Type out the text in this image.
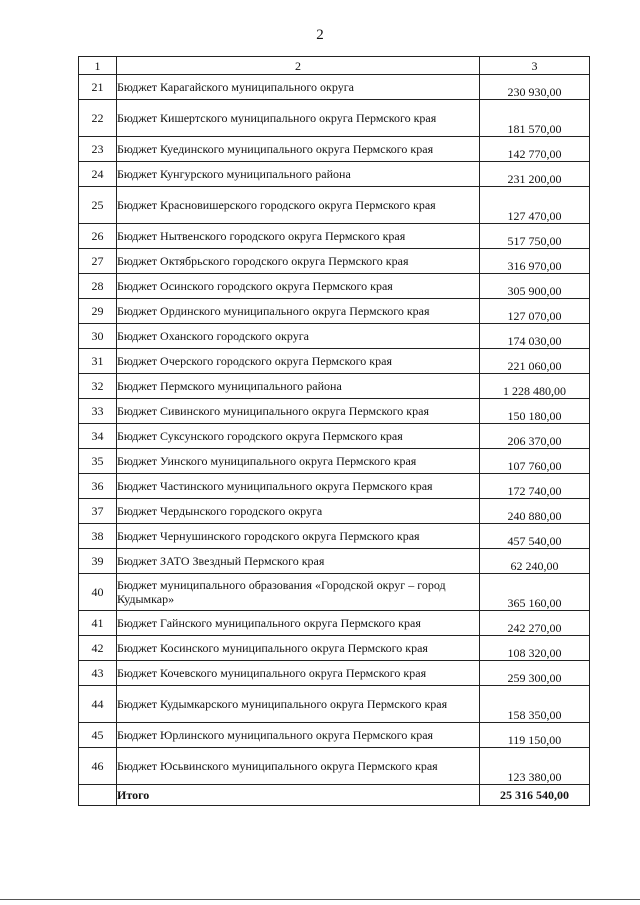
2
1	2	3
21	Бюджет Карагайского муниципального округа	230 930,00
22	Бюджет Кишертского муниципального округа Пермского края	181 570,00
23	Бюджет Куединского муниципального округа Пермского края	142 770,00
24	Бюджет Кунгурского муниципального района	231 200,00
25	Бюджет Красновишерского городского округа Пермского края	127 470,00
26	Бюджет Нытвенского городского округа Пермского края	517 750,00
27	Бюджет Октябрьского городского округа Пермского края	316 970,00
28	Бюджет Осинского городского округа Пермского края	305 900,00
29	Бюджет Ординского муниципального округа Пермского края	127 070,00
30	Бюджет Оханского городского округа	174 030,00
31	Бюджет Очерского городского округа Пермского края	221 060,00
32	Бюджет Пермского муниципального района	1 228 480,00
33	Бюджет Сивинского муниципального округа Пермского края	150 180,00
34	Бюджет Суксунского городского округа Пермского края	206 370,00
35	Бюджет Уинского муниципального округа Пермского края	107 760,00
36	Бюджет Частинского муниципального округа Пермского края	172 740,00
37	Бюджет Чердынского городского округа	240 880,00
38	Бюджет Чернушинского городского округа Пермского края	457 540,00
39	Бюджет ЗАТО Звездный Пермского края	62 240,00
40	Бюджет муниципального образования «Городской округ – город Кудымкар»	365 160,00
41	Бюджет Гайнского муниципального округа Пермского края	242 270,00
42	Бюджет Косинского муниципального округа Пермского края	108 320,00
43	Бюджет Кочевского муниципального округа Пермского края	259 300,00
44	Бюджет Кудымкарского муниципального округа Пермского края	158 350,00
45	Бюджет Юрлинского муниципального округа Пермского края	119 150,00
46	Бюджет Юсьвинского муниципального округа Пермского края	123 380,00
	Итого	25 316 540,00
